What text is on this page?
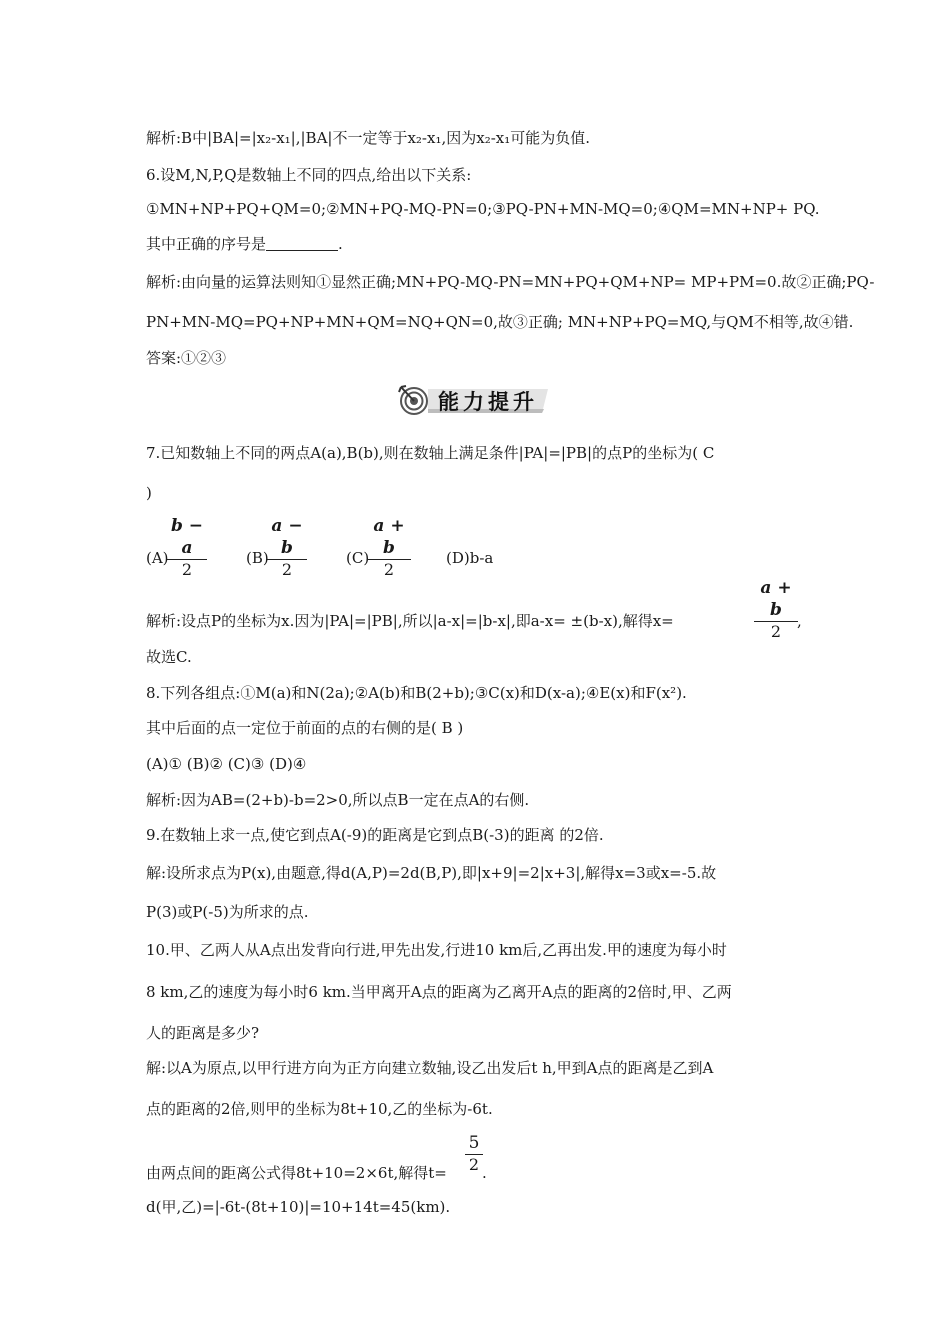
解析:B中|BA|=|x₂-x₁|,|BA|不一定等于x₂-x₁,因为x₂-x₁可能为负值.
6.设M,N,P,Q是数轴上不同的四点,给出以下关系:
①MN+NP+PQ+QM=0;②MN+PQ-MQ-PN=0;③PQ-PN+MN-MQ=0;④QM=MN+NP+ PQ.
其中正确的序号是	.
解析:由向量的运算法则知①显然正确;MN+PQ-MQ-PN=MN+PQ+QM+NP= MP+PM=0.故②正确;PQ-
PN+MN-MQ=PQ+NP+MN+QM=NQ+QN=0,故③正确; MN+NP+PQ=MQ,与QM不相等,故④错.
答案:①②③
能力提升
7.已知数轴上不同的两点A(a),B(b),则在数轴上满足条件|PA|=|PB|的点P的坐标为( C
)
(A)
b − a
2
(B)
a − b
2
(C)
a + b
2
(D)b-a
解析:设点P的坐标为x.因为|PA|=|PB|,所以|a-x|=|b-x|,即a-x= ±(b-x),解得x=
a + b
2
,
故选C.
8.下列各组点:①M(a)和N(2a);②A(b)和B(2+b);③C(x)和D(x-a);④E(x)和F(x²).
其中后面的点一定位于前面的点的右侧的是( B )
(A)① (B)② (C)③ (D)④
解析:因为AB=(2+b)-b=2>0,所以点B一定在点A的右侧.
9.在数轴上求一点,使它到点A(-9)的距离是它到点B(-3)的距离 的2倍.
解:设所求点为P(x),由题意,得d(A,P)=2d(B,P),即|x+9|=2|x+3|,解得x=3或x=-5.故
P(3)或P(-5)为所求的点.
10.甲、乙两人从A点出发背向行进,甲先出发,行进10 km后,乙再出发.甲的速度为每小时
8 km,乙的速度为每小时6 km.当甲离开A点的距离为乙离开A点的距离的2倍时,甲、乙两
人的距离是多少?
解:以A为原点,以甲行进方向为正方向建立数轴,设乙出发后t h,甲到A点的距离是乙到A
点的距离的2倍,则甲的坐标为8t+10,乙的坐标为-6t.
由两点间的距离公式得8t+10=2×6t,解得t=
5
2 .
d(甲,乙)=|-6t-(8t+10)|=10+14t=45(km).
